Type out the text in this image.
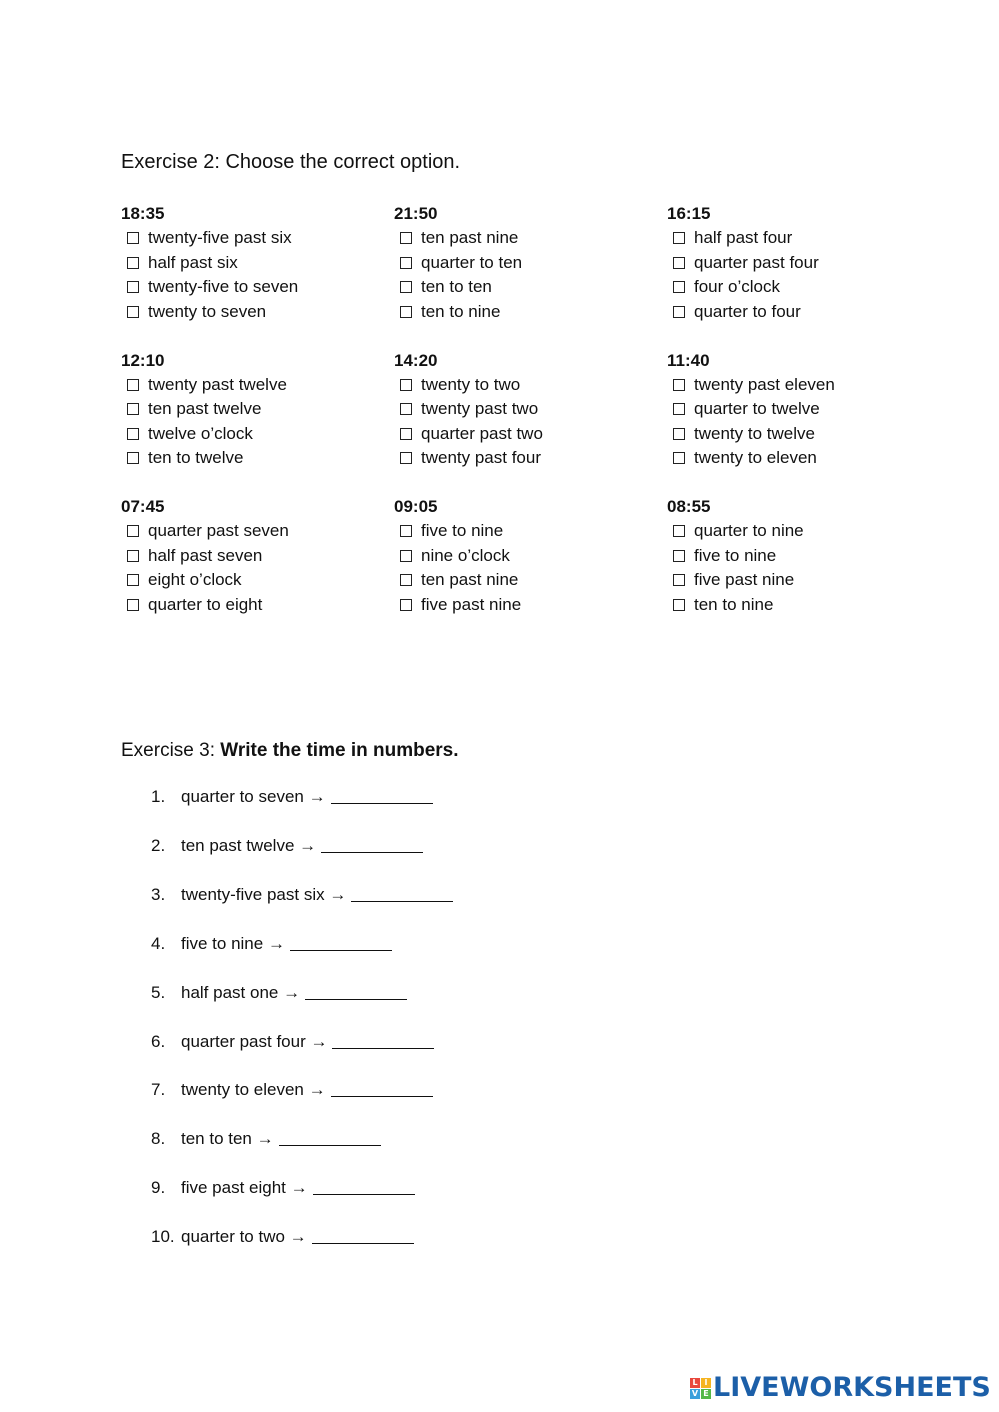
Exercise 2: Choose the correct option.
18:35
twenty-five past six
half past six
twenty-five to seven
twenty to seven
21:50
ten past nine
quarter to ten
ten to ten
ten to nine
16:15
half past four
quarter past four
four o’clock
quarter to four
12:10
twenty past twelve
ten past twelve
twelve o’clock
ten to twelve
14:20
twenty to two
twenty past two
quarter past two
twenty past four
11:40
twenty past eleven
quarter to twelve
twenty to twelve
twenty to eleven
07:45
quarter past seven
half past seven
eight o’clock
quarter to eight
09:05
five to nine
nine o’clock
ten past nine
five past nine
08:55
quarter to nine
five to nine
five past nine
ten to nine
Exercise 3: Write the time in numbers.
1. quarter to seven →
2. ten past twelve →
3. twenty-five past six →
4. five to nine →
5. half past one →
6. quarter past four →
7. twenty to eleven →
8. ten to ten →
9. five past eight →
10. quarter to two →
L I
V E LIVEWORKSHEETS
